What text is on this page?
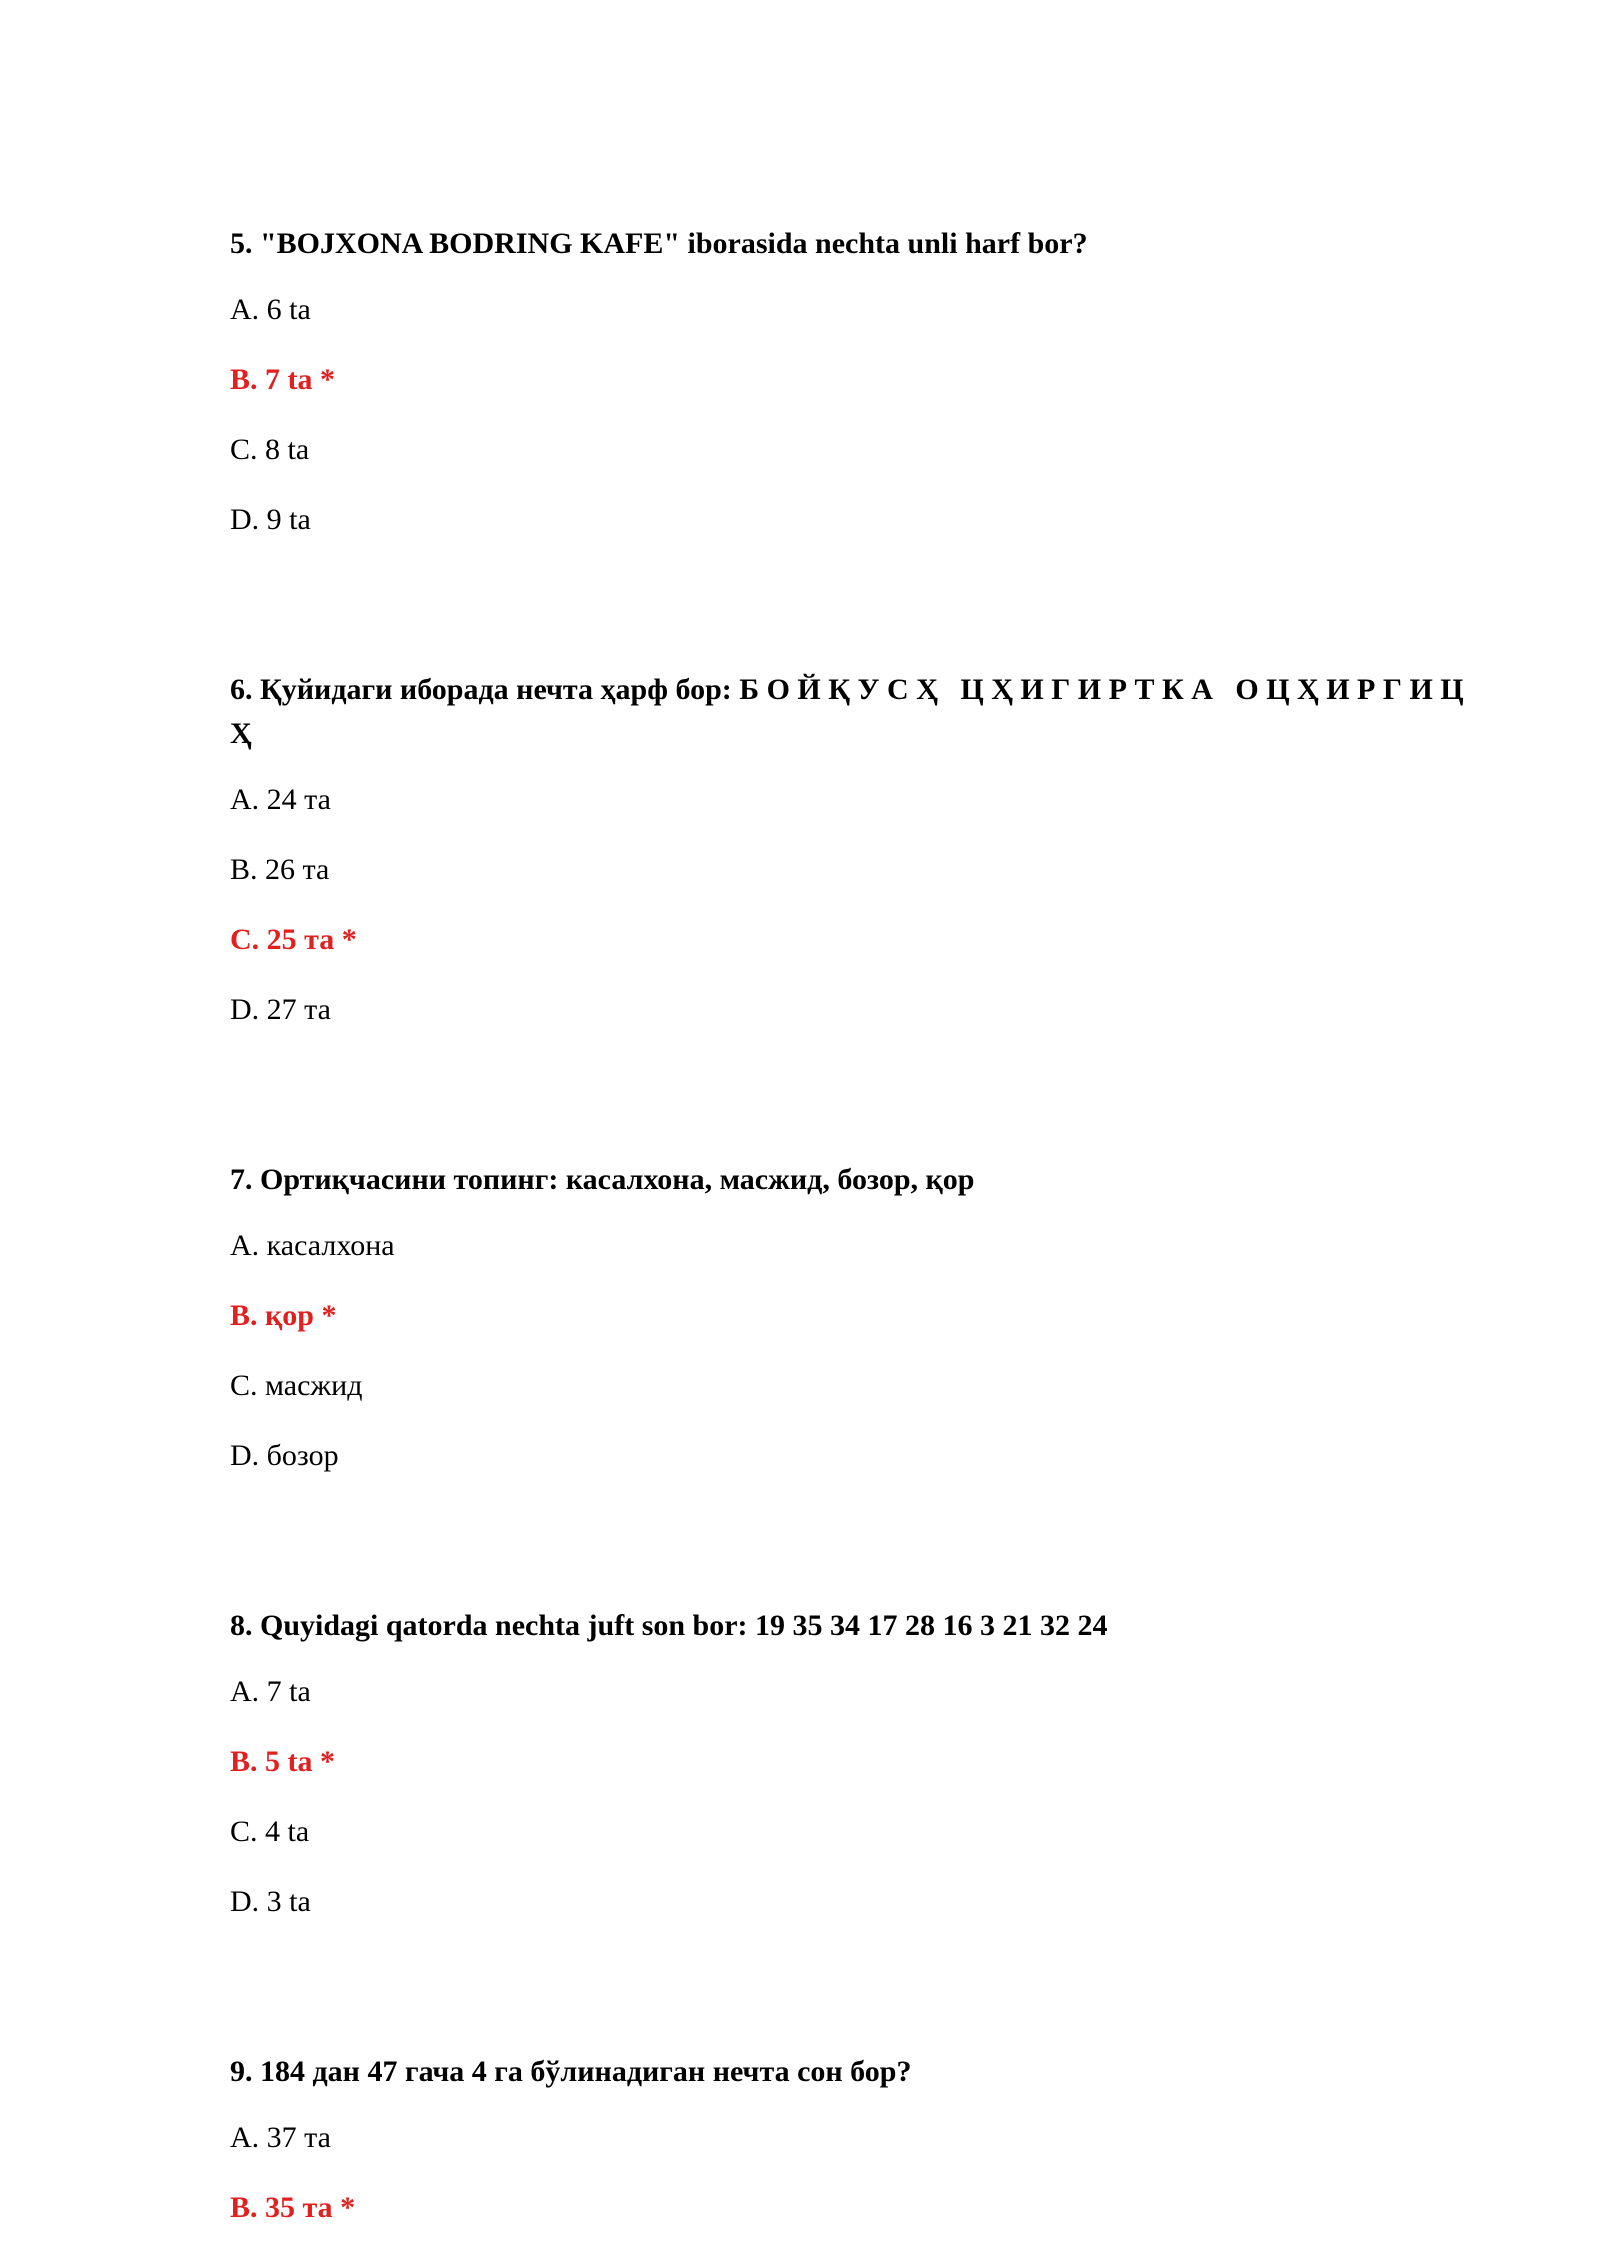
5. "BOJXONA BODRING KAFE" iborasida nechta unli harf bor?

A. 6 ta

B. 7 ta *

C. 8 ta

D. 9 ta

6. Қуйидаги иборада нечта ҳарф бор: Б О Й Қ У С Ҳ   Ц Ҳ И Г И Р Т К А   О Ц Ҳ И Р Г И Ц Ҳ

A. 24 та

B. 26 та

C. 25 та *

D. 27 та

7. Ортиқчасини топинг: касалхона, масжид, бозор, қор

A. касалхона

B. қор *

C. масжид

D. бозор

8. Quyidagi qatorda nechta juft son bor: 19 35 34 17 28 16 3 21 32 24

A. 7 ta

B. 5 ta *

C. 4 ta

D. 3 ta

9. 184 дан 47 гача 4 га бўлинадиган нечта сон бор?

A. 37 та

B. 35 та *
